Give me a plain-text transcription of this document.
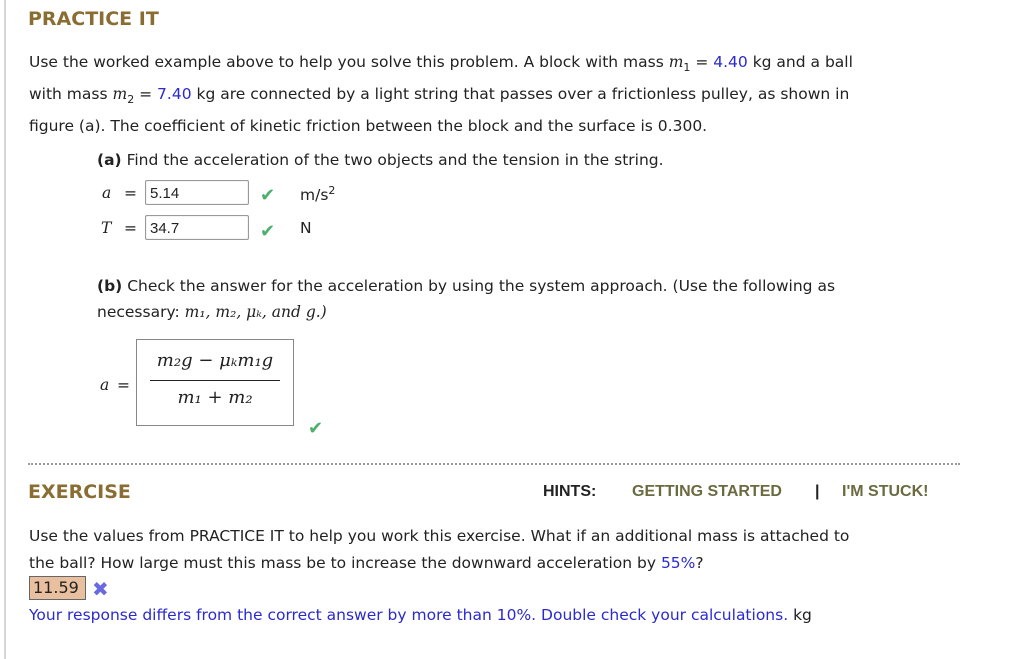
PRACTICE IT
Use the worked example above to help you solve this problem. A block with mass $m_1 = 4.40$ kg and a ball
with mass $m_2 = 7.40$ kg are connected by a light string that passes over a frictionless pulley, as shown in
figure (a). The coefficient of kinetic friction between the block and the surface is 0.300.
(a) Find the acceleration of the two objects and the tension in the string.
a = 5.14	✔ $m/s^2$
T = 34.7	✔ N
(b) Check the answer for the acceleration by using the system approach. (Use the following as
necessary: m₁, m₂, μₖ, and g.)
a =
m₂g − μₖm₁g
m₁ + m₂
✔
EXERCISE	HINTS: GETTING STARTED | I'M STUCK!
Use the values from PRACTICE IT to help you work this exercise. What if an additional mass is attached to
the ball? How large must this mass be to increase the downward acceleration by 55%?
11.59 ✖
Your response differs from the correct answer by more than 10%. Double check your calculations. kg
